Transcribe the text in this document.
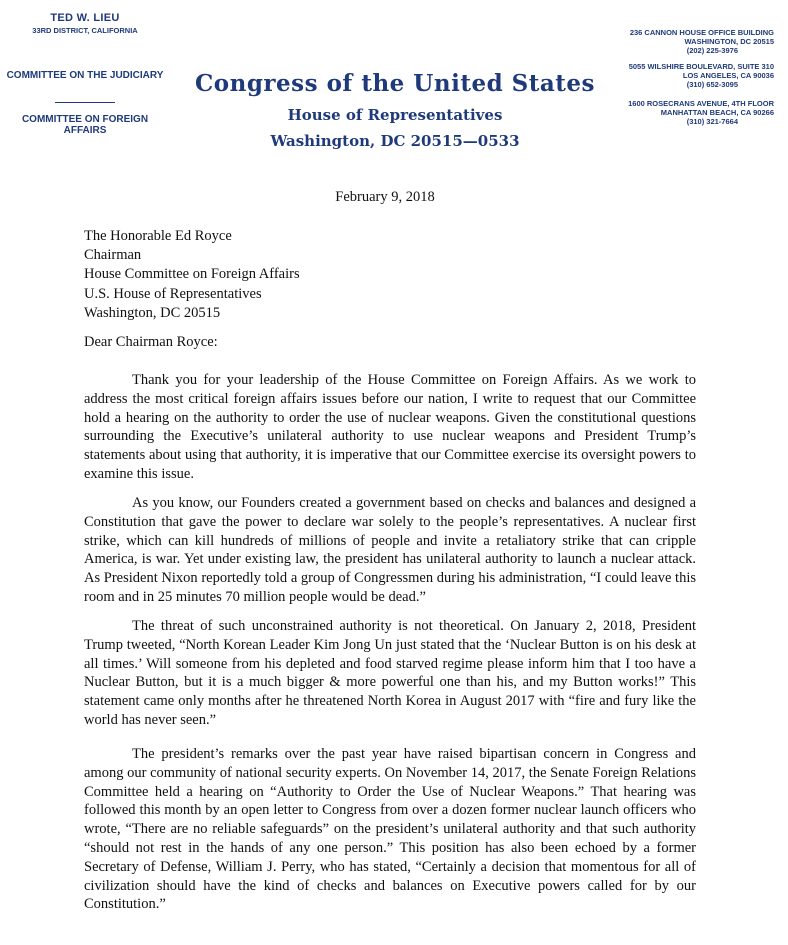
TED W. LIEU
33RD DISTRICT, CALIFORNIA
COMMITTEE ON THE JUDICIARY
COMMITTEE ON FOREIGN AFFAIRS
Congress of the United States
House of Representatives
Washington, DC 20515—0533
236 CANNON HOUSE OFFICE BUILDING
WASHINGTON, DC 20515
(202) 225-3976
5055 WILSHIRE BOULEVARD, SUITE 310
LOS ANGELES, CA 90036
(310) 652-3095
1600 ROSECRANS AVENUE, 4TH FLOOR
MANHATTAN BEACH, CA 90266
(310) 321-7664
February 9, 2018
The Honorable Ed Royce
Chairman
House Committee on Foreign Affairs
U.S. House of Representatives
Washington, DC 20515
Dear Chairman Royce:
Thank you for your leadership of the House Committee on Foreign Affairs. As we work to address the most critical foreign affairs issues before our nation, I write to request that our Committee hold a hearing on the authority to order the use of nuclear weapons. Given the constitutional questions surrounding the Executive’s unilateral authority to use nuclear weapons and President Trump’s statements about using that authority, it is imperative that our Committee exercise its oversight powers to examine this issue.
As you know, our Founders created a government based on checks and balances and designed a Constitution that gave the power to declare war solely to the people’s representatives. A nuclear first strike, which can kill hundreds of millions of people and invite a retaliatory strike that can cripple America, is war. Yet under existing law, the president has unilateral authority to launch a nuclear attack. As President Nixon reportedly told a group of Congressmen during his administration, “I could leave this room and in 25 minutes 70 million people would be dead.”
The threat of such unconstrained authority is not theoretical. On January 2, 2018, President Trump tweeted, “North Korean Leader Kim Jong Un just stated that the ‘Nuclear Button is on his desk at all times.’ Will someone from his depleted and food starved regime please inform him that I too have a Nuclear Button, but it is a much bigger & more powerful one than his, and my Button works!” This statement came only months after he threatened North Korea in August 2017 with “fire and fury like the world has never seen.”
The president’s remarks over the past year have raised bipartisan concern in Congress and among our community of national security experts. On November 14, 2017, the Senate Foreign Relations Committee held a hearing on “Authority to Order the Use of Nuclear Weapons.” That hearing was followed this month by an open letter to Congress from over a dozen former nuclear launch officers who wrote, “There are no reliable safeguards” on the president’s unilateral authority and that such authority “should not rest in the hands of any one person.” This position has also been echoed by a former Secretary of Defense, William J. Perry, who has stated, “Certainly a decision that momentous for all of civilization should have the kind of checks and balances on Executive powers called for by our Constitution.”
